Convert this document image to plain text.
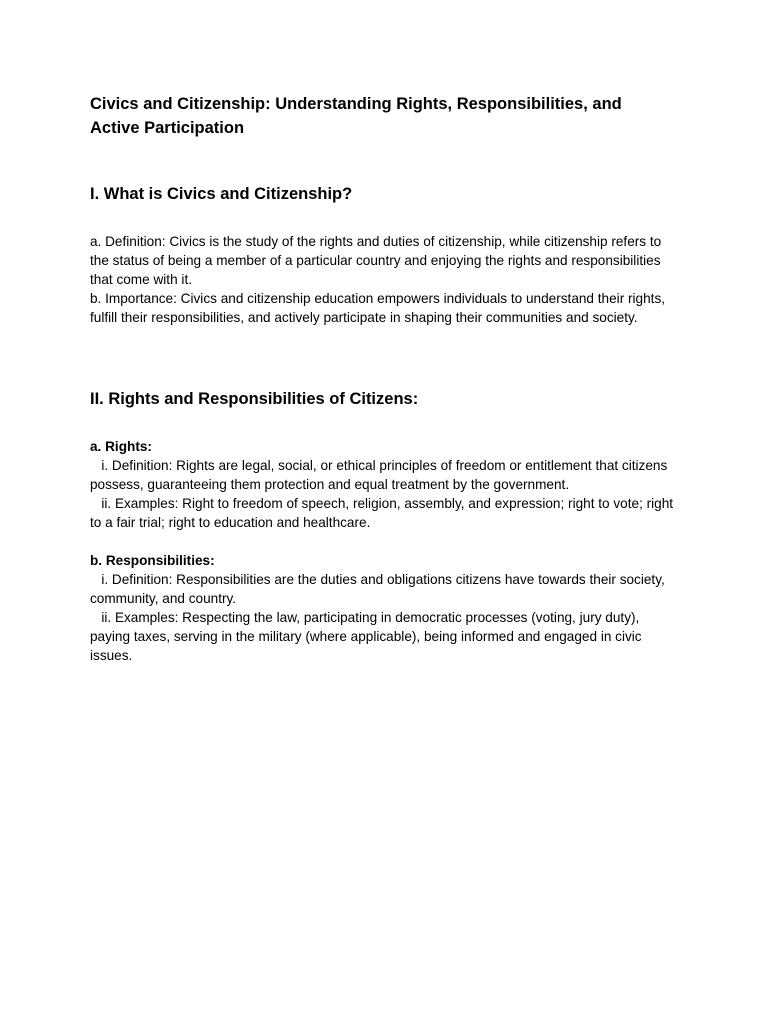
Civics and Citizenship: Understanding Rights, Responsibilities, and Active Participation
I. What is Civics and Citizenship?

a. Definition: Civics is the study of the rights and duties of citizenship, while citizenship refers to the status of being a member of a particular country and enjoying the rights and responsibilities that come with it.

b. Importance: Civics and citizenship education empowers individuals to understand their rights, fulfill their responsibilities, and actively participate in shaping their communities and society.

II. Rights and Responsibilities of Citizens:

a. Rights:

i. Definition: Rights are legal, social, or ethical principles of freedom or entitlement that citizens possess, guaranteeing them protection and equal treatment by the government.

ii. Examples: Right to freedom of speech, religion, assembly, and expression; right to vote; right to a fair trial; right to education and healthcare.

b. Responsibilities:

i. Definition: Responsibilities are the duties and obligations citizens have towards their society, community, and country.

ii. Examples: Respecting the law, participating in democratic processes (voting, jury duty), paying taxes, serving in the military (where applicable), being informed and engaged in civic issues.
